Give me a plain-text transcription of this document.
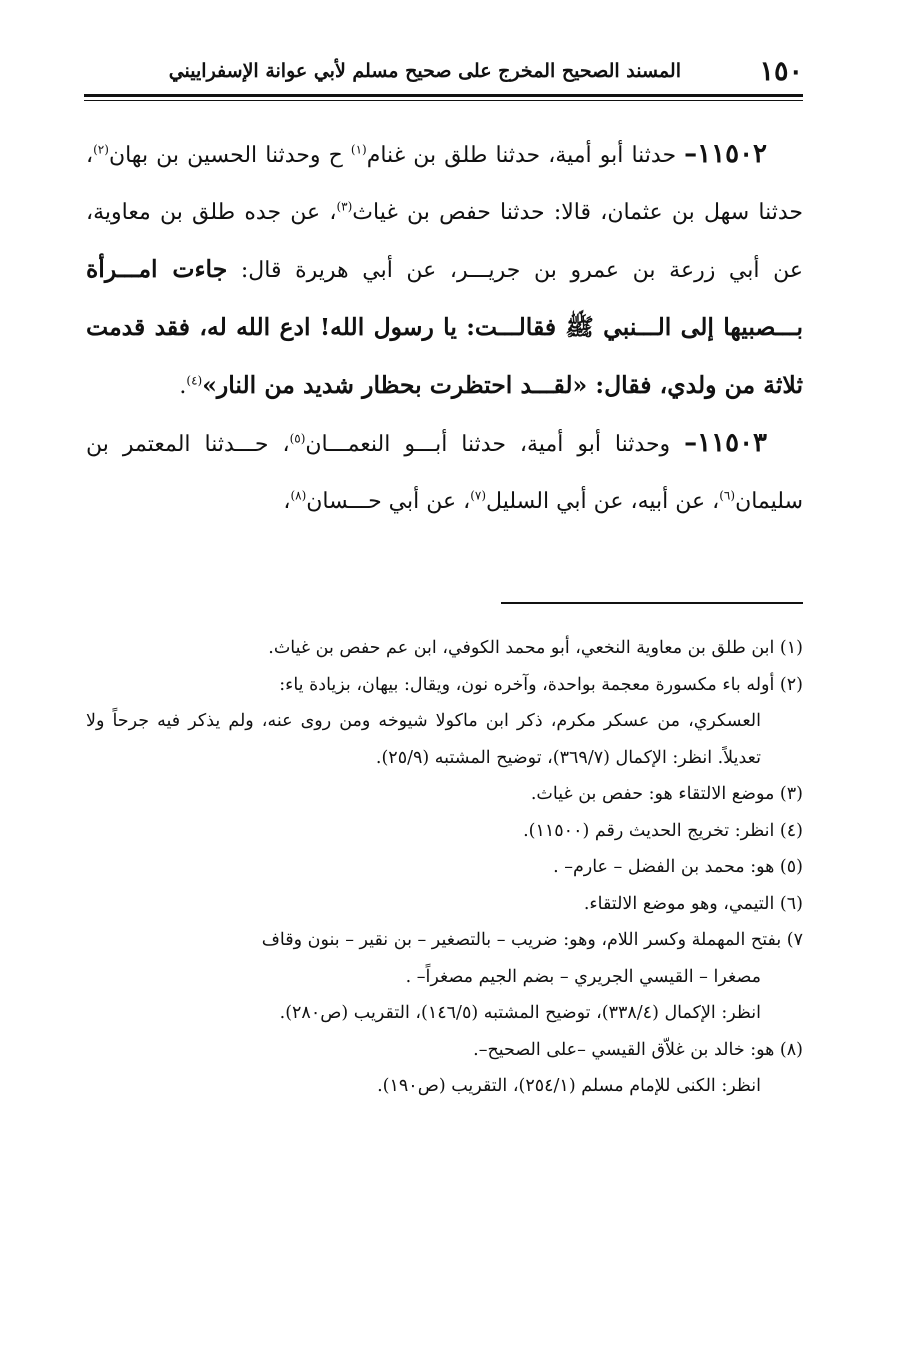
١٥٠
المسند الصحيح المخرج على صحيح مسلم لأبي عوانة الإسفراييني

١١٥٠٢– حدثنا أبو أمية، حدثنا طلق بن غنام$^{(١)}$ ح وحدثنا الحسين بن بهان$^{(٢)}$، حدثنا سهل بن عثمان، قالا: حدثنا حفص بن غياث$^{(٣)}$، عن جده طلق بن معاوية، عن أبي زرعة بن عمرو بن جريـــر، عن أبي هريرة قال: جاءت امـــرأة بـــصبيها إلى الـــنبي ﷺ فقالـــت: يا رسول الله! ادع الله له، فقد قدمت ثلاثة من ولدي، فقال: «لقـــد احتظرت بحظار شديد من النار»$^{(٤)}$.

١١٥٠٣– وحدثنا أبو أمية، حدثنا أبـــو النعمـــان$^{(٥)}$، حـــدثنا المعتمر بن سليمان$^{(٦)}$، عن أبيه، عن أبي السليل$^{(٧)}$، عن أبي حـــسان$^{(٨)}$،

(١) ابن طلق بن معاوية النخعي، أبو محمد الكوفي، ابن عم حفص بن غياث.

(٢) أوله باء مكسورة معجمة بواحدة، وآخره نون، ويقال: بيهان، بزيادة ياء:

العسكري، من عسكر مكرم، ذكر ابن ماكولا شيوخه ومن روى عنه، ولم يذكر فيه جرحاً ولا تعديلاً. انظر: الإكمال (٣٦٩/٧)، توضيح المشتبه (٢٥/٩).

(٣) موضع الالتقاء هو: حفص بن غياث.

(٤) انظر: تخريج الحديث رقم (١١٥٠٠).

(٥) هو: محمد بن الفضل – عارم– .

(٦) التيمي، وهو موضع الالتقاء.

٧) بفتح المهملة وكسر اللام، وهو: ضريب – بالتصغير – بن نقير – بنون وقاف

مصغرا – القيسي الجريري – بضم الجيم مصغراً– .

انظر: الإكمال (٣٣٨/٤)، توضيح المشتبه (١٤٦/٥)، التقريب (ص٢٨٠).

(٨) هو: خالد بن غلاّق القيسي –على الصحيح–.

انظر: الكنى للإمام مسلم (٢٥٤/١)، التقريب (ص١٩٠).
